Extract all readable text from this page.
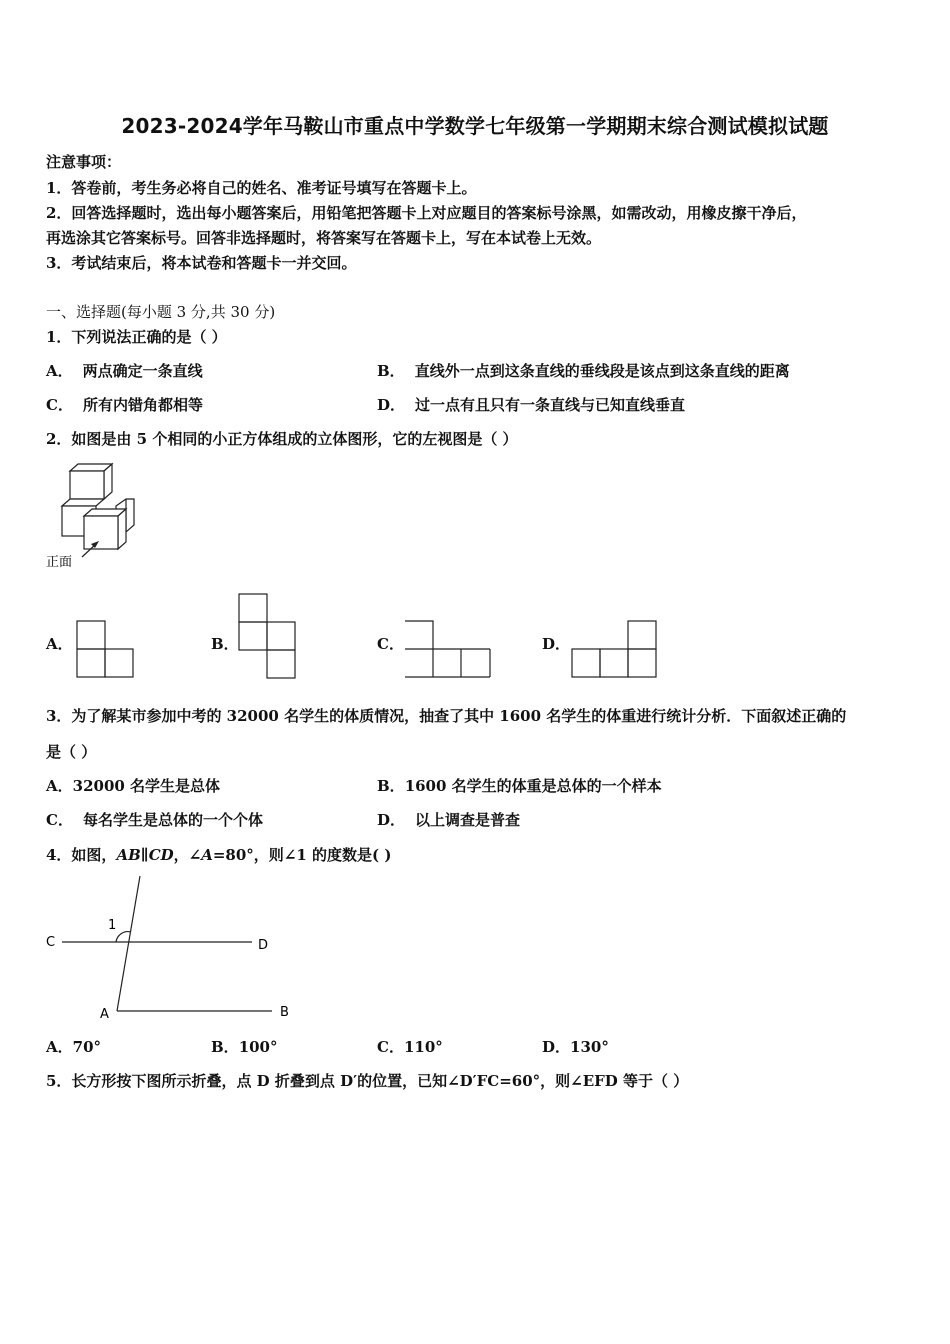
2023-2024学年马鞍山市重点中学数学七年级第一学期期末综合测试模拟试题
注意事项：
1．答卷前，考生务必将自己的姓名、准考证号填写在答题卡上。
2．回答选择题时，选出每小题答案后，用铅笔把答题卡上对应题目的答案标号涂黑，如需改动，用橡皮擦干净后，
再选涂其它答案标号。回答非选择题时，将答案写在答题卡上，写在本试卷上无效。
3．考试结束后，将本试卷和答题卡一并交回。
一、选择题(每小题 3 分,共 30 分)
1．下列说法正确的是（ ）
A． 两点确定一条直线	B． 直线外一点到这条直线的垂线段是该点到这条直线的距离
C． 所有内错角都相等	D． 过一点有且只有一条直线与已知直线垂直
2．如图是由 5 个相同的小正方体组成的立体图形，它的左视图是（ ）
正面
A．	B．	C．	D．
3．为了解某市参加中考的 32000 名学生的体质情况，抽查了其中 1600 名学生的体重进行统计分析．下面叙述正确的
是（ ）
A．32000 名学生是总体	B．1600 名学生的体重是总体的一个样本
C． 每名学生是总体的一个个体	D． 以上调查是普查
4．如图，AB∥CD，∠A=80°，则∠1 的度数是( )
C	D
A	B
1
A．70°	B．100°	C．110°	D．130°
5．长方形按下图所示折叠，点 D 折叠到点 D′的位置，已知∠D′FC=60°，则∠EFD 等于（ ）
